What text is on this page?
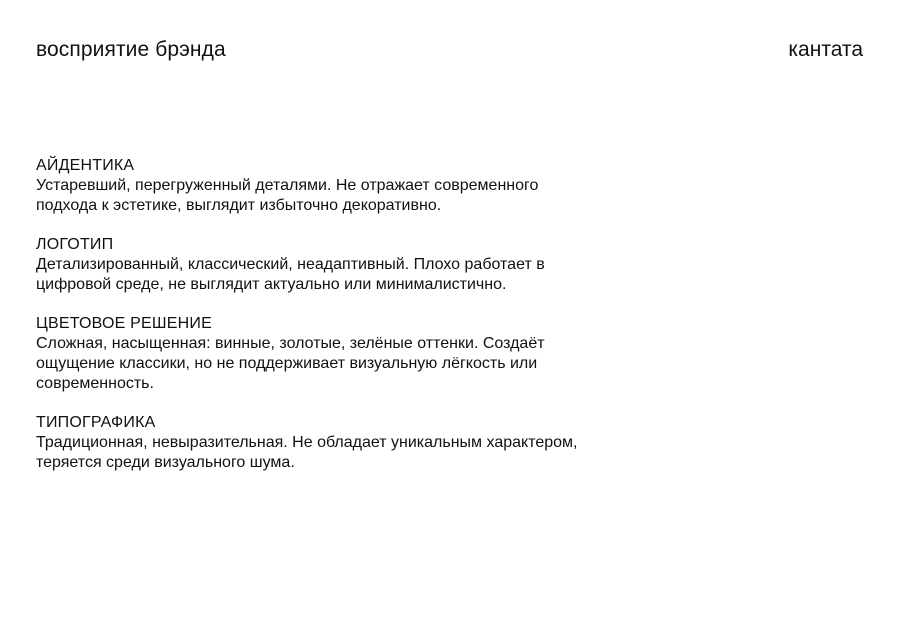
восприятие брэнда	кантата

АЙДЕНТИКА

Устаревший, перегруженный деталями. Не отражает современного
подхода к эстетике, выглядит избыточно декоративно.

ЛОГОТИП

Детализированный, классический, неадаптивный. Плохо работает в
цифровой среде, не выглядит актуально или минималистично.

ЦВЕТОВОЕ РЕШЕНИЕ

Сложная, насыщенная: винные, золотые, зелёные оттенки. Создаёт
ощущение классики, но не поддерживает визуальную лёгкость или
современность.

ТИПОГРАФИКА

Традиционная, невыразительная. Не обладает уникальным характером,
теряется среди визуального шума.
